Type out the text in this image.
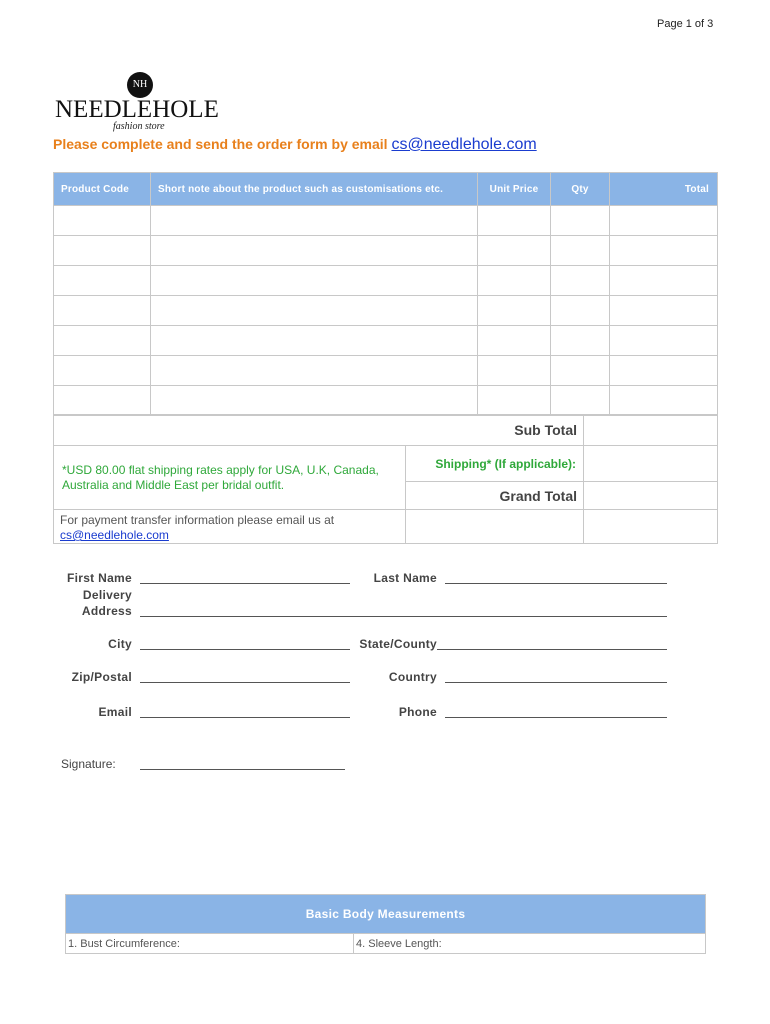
Page 1 of 3
NH
NEEDLEHOLE
fashion store
Please complete and send the order form by email cs@needlehole.com
Product Code	Short note about the product such as customisations etc.	Unit Price	Qty	Total

Sub Total		
*USD 80.00 flat shipping rates apply for USA, U.K, Canada, Australia and Middle East per bridal outfit.	Shipping* (If applicable):	
	Grand Total	
For payment transfer information please email us at
cs@needlehole.com		
First Name	Last Name
Delivery
Address
City	State/County
Zip/Postal	Country
Email	Phone
Signature:
Basic Body Measurements
1. Bust Circumference:	4. Sleeve Length:
